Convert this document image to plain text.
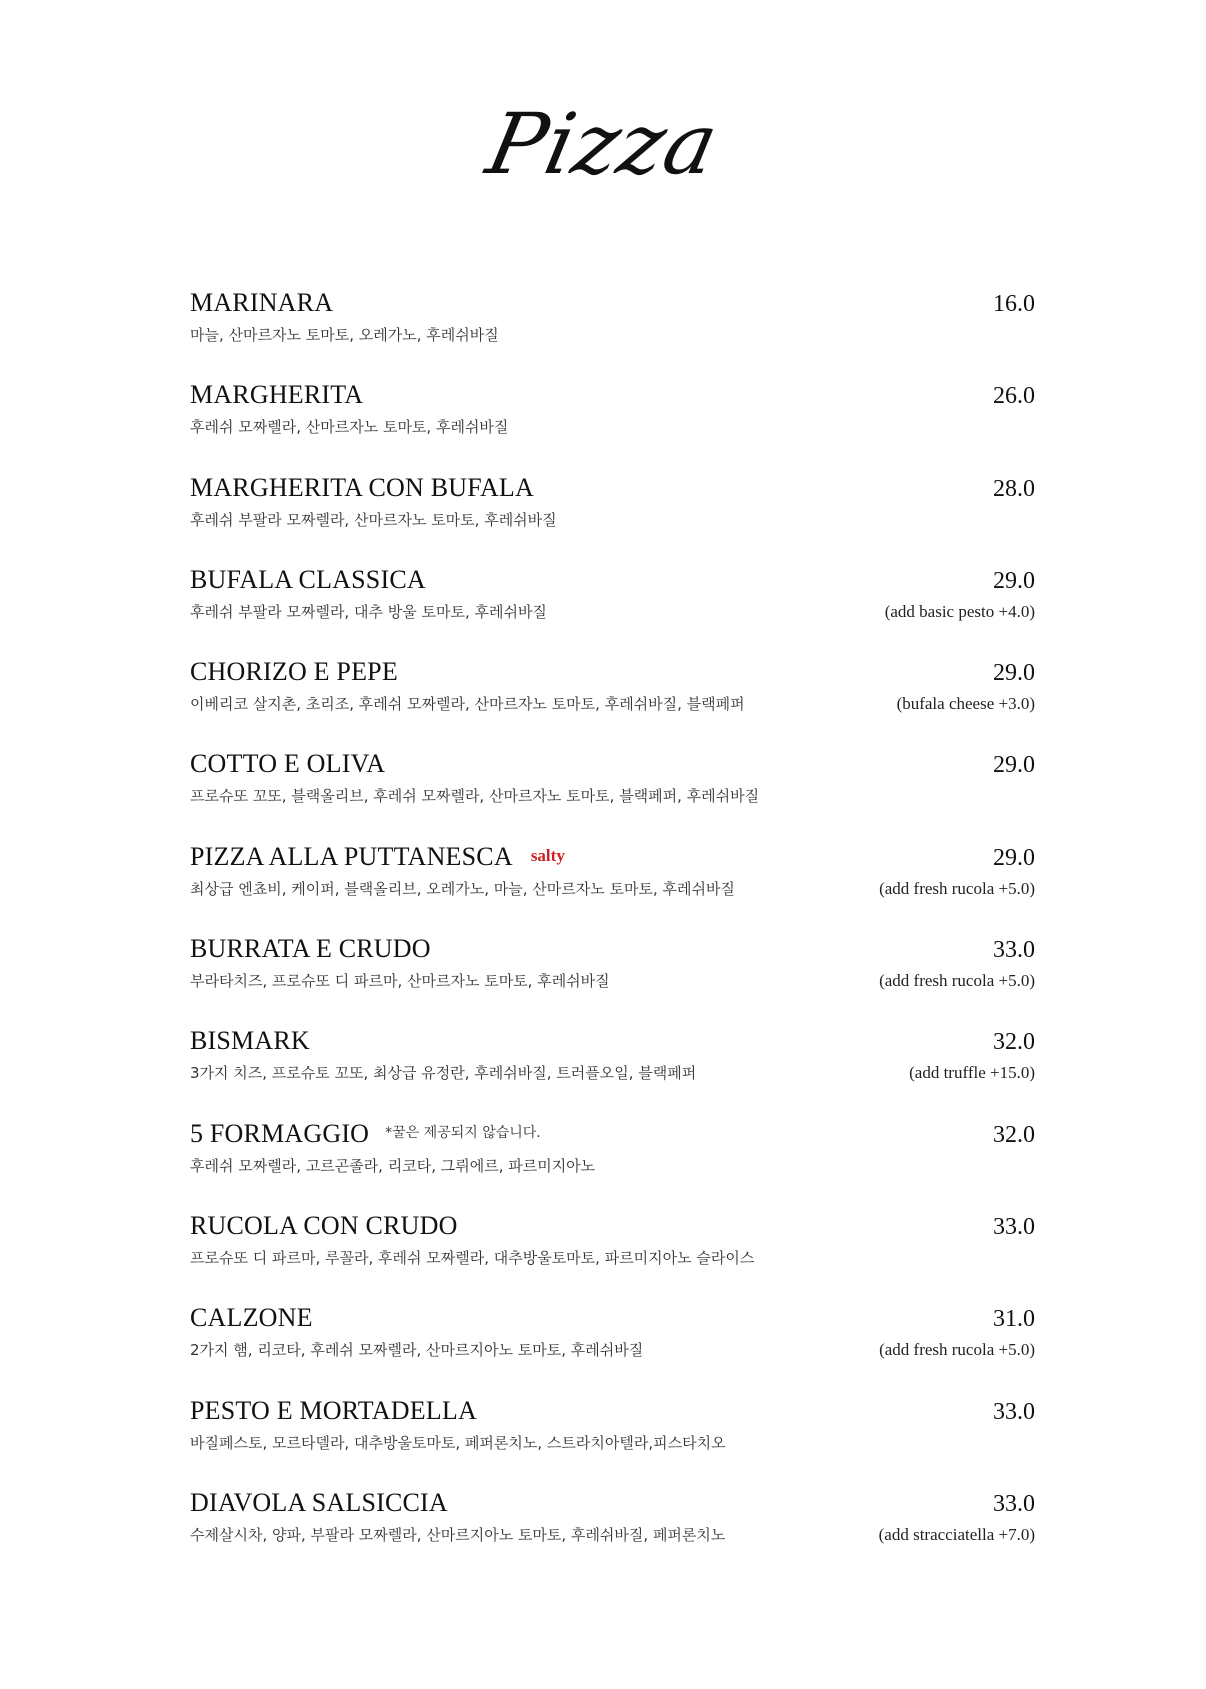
Pizza
MARINARA	16.0
마늘, 산마르자노 토마토, 오레가노, 후레쉬바질
MARGHERITA	26.0
후레쉬 모짜렐라, 산마르자노 토마토, 후레쉬바질
MARGHERITA CON BUFALA	28.0
후레쉬 부팔라 모짜렐라, 산마르자노 토마토, 후레쉬바질
BUFALA CLASSICA	29.0
후레쉬 부팔라 모짜렐라, 대추 방울 토마토, 후레쉬바질	(add basic pesto +4.0)
CHORIZO E PEPE	29.0
이베리코 살지촌, 초리조, 후레쉬 모짜렐라, 산마르자노 토마토, 후레쉬바질, 블랙페퍼	(bufala cheese +3.0)
COTTO E OLIVA	29.0
프로슈또 꼬또, 블랙올리브, 후레쉬 모짜렐라, 산마르자노 토마토, 블랙페퍼, 후레쉬바질
PIZZA ALLA PUTTANESCA salty	29.0
최상급 엔쵸비, 케이퍼, 블랙올리브, 오레가노, 마늘, 산마르자노 토마토, 후레쉬바질	(add fresh rucola +5.0)
BURRATA E CRUDO	33.0
부라타치즈, 프로슈또 디 파르마, 산마르자노 토마토, 후레쉬바질	(add fresh rucola +5.0)
BISMARK	32.0
3가지 치즈, 프로슈토 꼬또, 최상급 유정란, 후레쉬바질, 트러플오일, 블랙페퍼	(add truffle +15.0)
5 FORMAGGIO *꿀은 제공되지 않습니다.	32.0
후레쉬 모짜렐라, 고르곤졸라, 리코타, 그뤼에르, 파르미지아노
RUCOLA CON CRUDO	33.0
프로슈또 디 파르마, 루꼴라, 후레쉬 모짜렐라, 대추방울토마토, 파르미지아노 슬라이스
CALZONE	31.0
2가지 햄, 리코타, 후레쉬 모짜렐라, 산마르지아노 토마토, 후레쉬바질	(add fresh rucola +5.0)
PESTO E MORTADELLA	33.0
바질페스토, 모르타델라, 대추방울토마토, 페퍼론치노, 스트라치아텔라,피스타치오
DIAVOLA SALSICCIA	33.0
수제살시차, 양파, 부팔라 모짜렐라, 산마르지아노 토마토, 후레쉬바질, 페퍼론치노	(add stracciatella +7.0)
